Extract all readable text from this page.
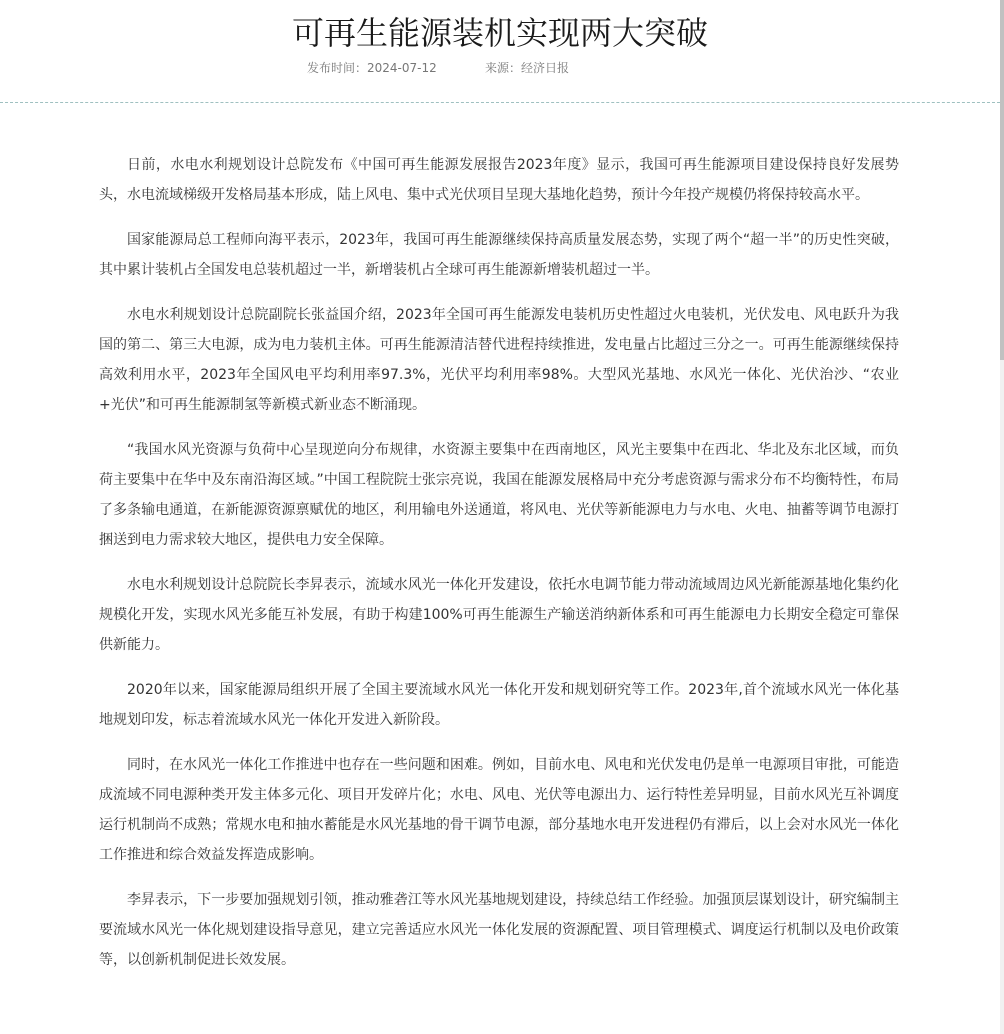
可再生能源装机实现两大突破
发布时间：2024-07-12	来源：经济日报

日前，水电水利规划设计总院发布《中国可再生能源发展报告2023年度》显示，我国可再生能源项目建设保持良好发展势头，水电流域梯级开发格局基本形成，陆上风电、集中式光伏项目呈现大基地化趋势，预计今年投产规模仍将保持较高水平。

国家能源局总工程师向海平表示，2023年，我国可再生能源继续保持高质量发展态势，实现了两个“超一半”的历史性突破，其中累计装机占全国发电总装机超过一半，新增装机占全球可再生能源新增装机超过一半。

水电水利规划设计总院副院长张益国介绍，2023年全国可再生能源发电装机历史性超过火电装机，光伏发电、风电跃升为我国的第二、第三大电源，成为电力装机主体。可再生能源清洁替代进程持续推进，发电量占比超过三分之一。可再生能源继续保持高效利用水平，2023年全国风电平均利用率97.3%，光伏平均利用率98%。大型风光基地、水风光一体化、光伏治沙、“农业+光伏”和可再生能源制氢等新模式新业态不断涌现。

“我国水风光资源与负荷中心呈现逆向分布规律，水资源主要集中在西南地区，风光主要集中在西北、华北及东北区域，而负荷主要集中在华中及东南沿海区域。”中国工程院院士张宗亮说，我国在能源发展格局中充分考虑资源与需求分布不均衡特性，布局了多条输电通道，在新能源资源禀赋优的地区，利用输电外送通道，将风电、光伏等新能源电力与水电、火电、抽蓄等调节电源打捆送到电力需求较大地区，提供电力安全保障。

水电水利规划设计总院院长李昇表示，流域水风光一体化开发建设，依托水电调节能力带动流域周边风光新能源基地化集约化规模化开发，实现水风光多能互补发展，有助于构建100%可再生能源生产输送消纳新体系和可再生能源电力长期安全稳定可靠保供新能力。

2020年以来，国家能源局组织开展了全国主要流域水风光一体化开发和规划研究等工作。2023年,首个流域水风光一体化基地规划印发，标志着流域水风光一体化开发进入新阶段。

同时，在水风光一体化工作推进中也存在一些问题和困难。例如，目前水电、风电和光伏发电仍是单一电源项目审批，可能造成流域不同电源种类开发主体多元化、项目开发碎片化；水电、风电、光伏等电源出力、运行特性差异明显，目前水风光互补调度运行机制尚不成熟；常规水电和抽水蓄能是水风光基地的骨干调节电源，部分基地水电开发进程仍有滞后，以上会对水风光一体化工作推进和综合效益发挥造成影响。

李昇表示，下一步要加强规划引领，推动雅砻江等水风光基地规划建设，持续总结工作经验。加强顶层谋划设计，研究编制主要流域水风光一体化规划建设指导意见，建立完善适应水风光一体化发展的资源配置、项目管理模式、调度运行机制以及电价政策等，以创新机制促进长效发展。
